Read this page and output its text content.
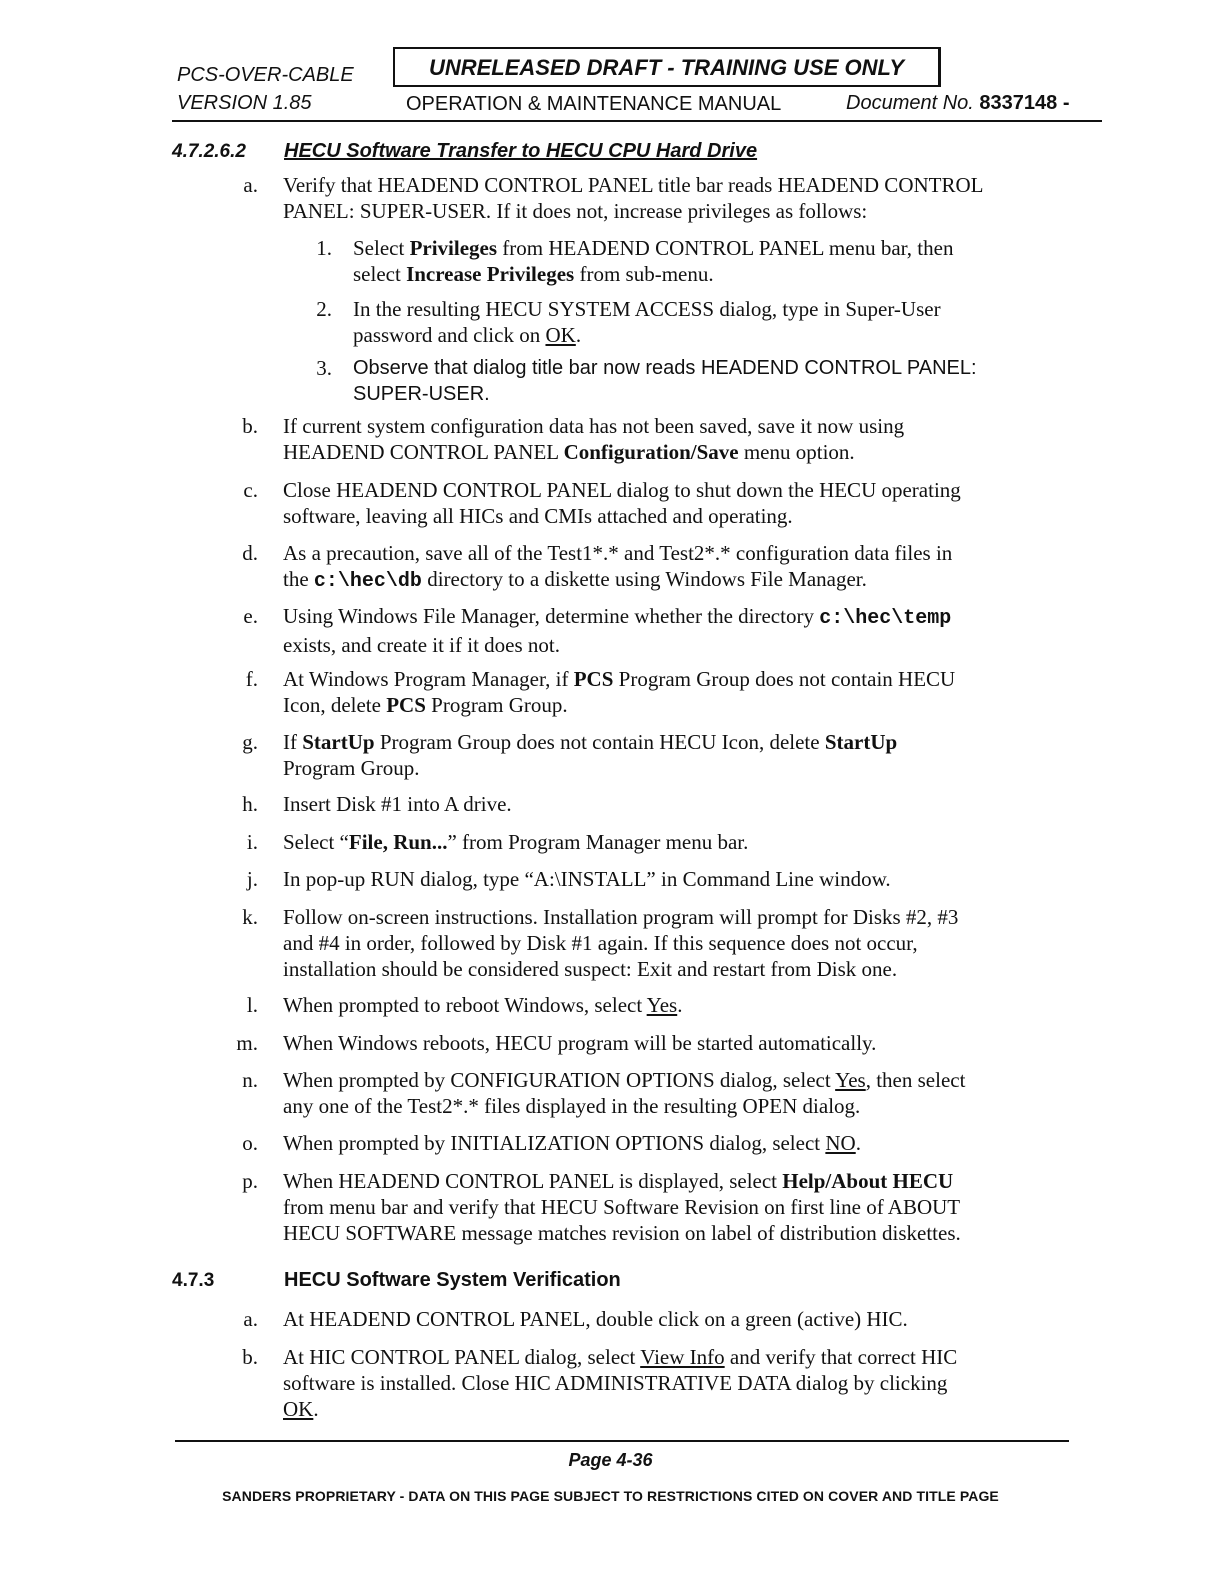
PCS-OVER-CABLE
VERSION 1.85
UNRELEASED DRAFT - TRAINING USE ONLY
OPERATION & MAINTENANCE MANUAL	Document No. 8337148 -
4.7.2.6.2 HECU Software Transfer to HECU CPU Hard Drive
a. Verify that HEADEND CONTROL PANEL title bar reads HEADEND CONTROL
PANEL: SUPER-USER. If it does not, increase privileges as follows:
1. Select Privileges from HEADEND CONTROL PANEL menu bar, then
select Increase Privileges from sub-menu.
2. In the resulting HECU SYSTEM ACCESS dialog, type in Super-User
password and click on OK.
3. Observe that dialog title bar now reads HEADEND CONTROL PANEL:
SUPER-USER.
b. If current system configuration data has not been saved, save it now using
HEADEND CONTROL PANEL Configuration/Save menu option.
c. Close HEADEND CONTROL PANEL dialog to shut down the HECU operating
software, leaving all HICs and CMIs attached and operating.
d. As a precaution, save all of the Test1*.* and Test2*.* configuration data files in
the c:\hec\db directory to a diskette using Windows File Manager.
e. Using Windows File Manager, determine whether the directory c:\hec\temp
exists, and create it if it does not.
f. At Windows Program Manager, if PCS Program Group does not contain HECU
Icon, delete PCS Program Group.
g. If StartUp Program Group does not contain HECU Icon, delete StartUp
Program Group.
h. Insert Disk #1 into A drive.
i. Select “File, Run...” from Program Manager menu bar.
j. In pop-up RUN dialog, type “A:\INSTALL” in Command Line window.
k. Follow on-screen instructions. Installation program will prompt for Disks #2, #3
and #4 in order, followed by Disk #1 again. If this sequence does not occur,
installation should be considered suspect: Exit and restart from Disk one.
l. When prompted to reboot Windows, select Yes.
m. When Windows reboots, HECU program will be started automatically.
n. When prompted by CONFIGURATION OPTIONS dialog, select Yes, then select
any one of the Test2*.* files displayed in the resulting OPEN dialog.
o. When prompted by INITIALIZATION OPTIONS dialog, select NO.
p. When HEADEND CONTROL PANEL is displayed, select Help/About HECU
from menu bar and verify that HECU Software Revision on first line of ABOUT
HECU SOFTWARE message matches revision on label of distribution diskettes.
4.7.3	HECU Software System Verification
a. At HEADEND CONTROL PANEL, double click on a green (active) HIC.
b. At HIC CONTROL PANEL dialog, select View Info and verify that correct HIC
software is installed. Close HIC ADMINISTRATIVE DATA dialog by clicking
OK.
Page 4-36
SANDERS PROPRIETARY - DATA ON THIS PAGE SUBJECT TO RESTRICTIONS CITED ON COVER AND TITLE PAGE
